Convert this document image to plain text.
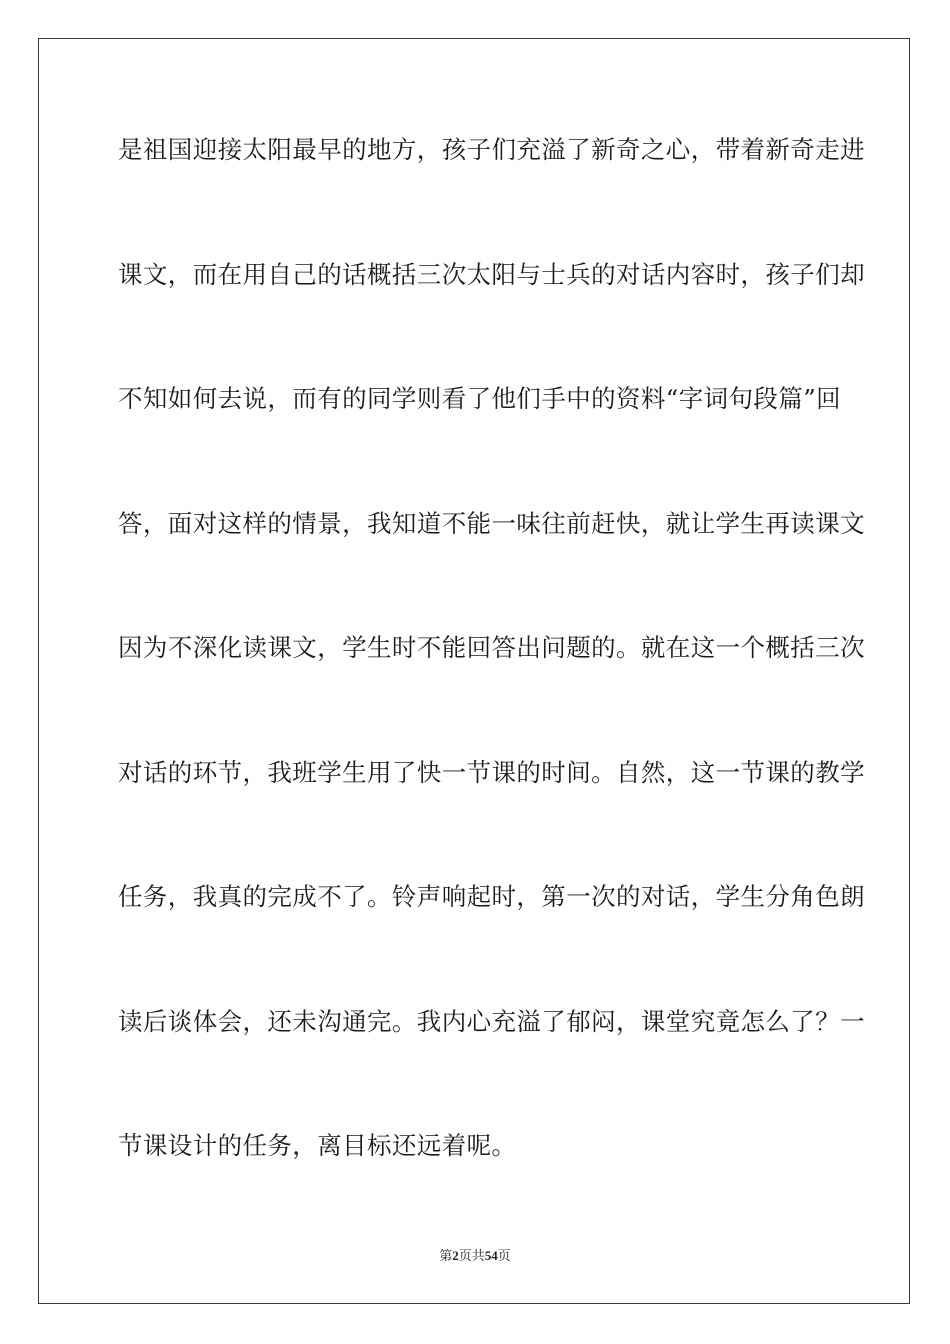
是祖国迎接太阳最早的地方，孩子们充溢了新奇之心，带着新奇走进
课文，而在用自己的话概括三次太阳与士兵的对话内容时，孩子们却
不知如何去说，而有的同学则看了他们手中的资料“字词句段篇”回
答，面对这样的情景，我知道不能一味往前赶快，就让学生再读课文
因为不深化读课文，学生时不能回答出问题的。就在这一个概括三次
对话的环节，我班学生用了快一节课的时间。自然，这一节课的教学
任务，我真的完成不了。铃声响起时，第一次的对话，学生分角色朗
读后谈体会，还未沟通完。我内心充溢了郁闷，课堂究竟怎么了？一
节课设计的任务，离目标还远着呢。
第2页共54页
